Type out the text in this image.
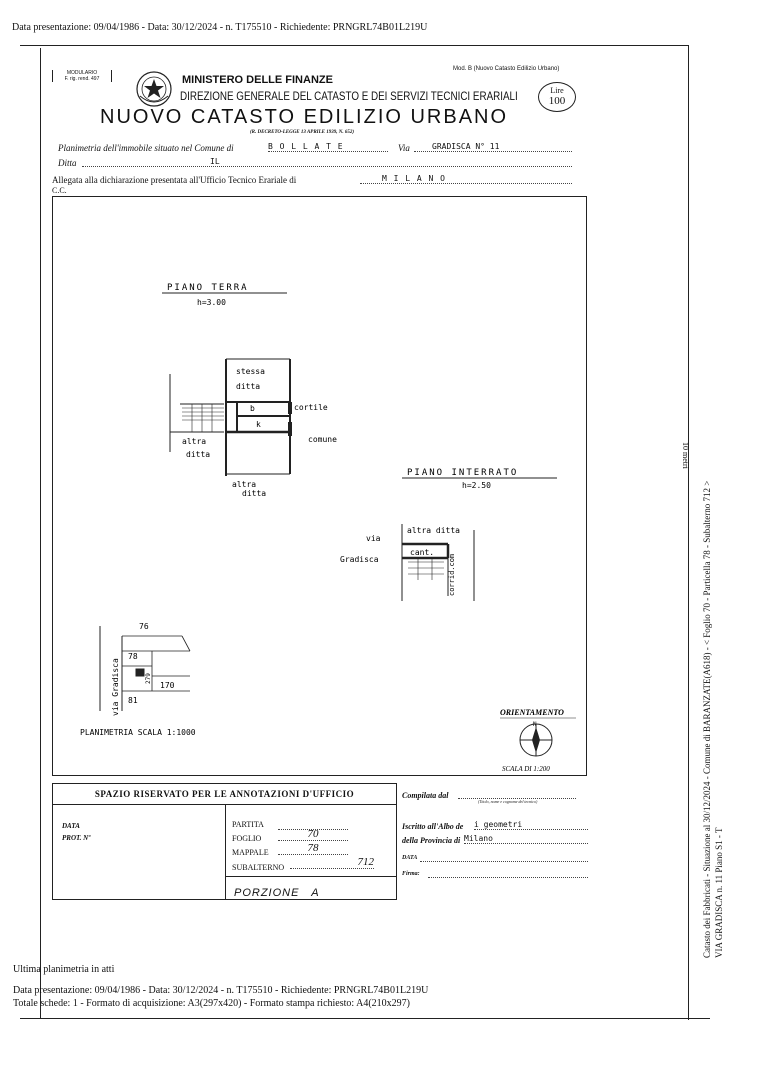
Data presentazione: 09/04/1986 - Data: 30/12/2024 - n. T175510 - Richiedente: PRNGRL74B01L219U
MODULARIO
F. rig. rend. 497	MINISTERO DELLE FINANZE
Mod. B (Nuovo Catasto Edilizio Urbano)
DIREZIONE GENERALE DEL CATASTO E DEI SERVIZI TECNICI ERARIALI	Lire
100
NUOVO CATASTO EDILIZIO URBANO
(R. DECRETO-LEGGE 13 APRILE 1939, N. 652)
Planimetria dell'immobile situato nel Comune di	B O L L A T E	Via	GRADISCA N° 11
Ditta	IL
Allegata alla dichiarazione presentata all'Ufficio Tecnico Erariale di	M I L A N O
C.C.
PIANO TERRA
h=3.00
stessa
ditta
b
k
cortile
comune
altra
ditta
altra
ditta
PIANO INTERRATO
h=2.50
altra ditta
cant.
corrid.com
via
Gradisca
76
78
170
81
279
via Gradisca
PLANIMETRIA SCALA 1:1000
ORIENTAMENTO
N
SCALA DI 1:200
SPAZIO RISERVATO PER LE ANNOTAZIONI D'UFFICIO
DATA
PROT. Nº
PARTITA
FOGLIO	70
MAPPALE	78
SUBALTERNO	712
PORZIONE   A
Compilata dal
(Titolo, nome e cognome del tecnico)
Iscritto all'Albo de i geometri
della Provincia di Milano
DATA
Firma:	Catasto dei Fabbricati - Situazione al 30/12/2024 - Comune di BARANZATE(A618) - < Foglio 70 - Particella 78 - Subalterno 712 > VIA GRADISCA n. 11 Piano S1 - T
10 metri
Ultima planimetria in atti
Data presentazione: 09/04/1986 - Data: 30/12/2024 - n. T175510 - Richiedente: PRNGRL74B01L219U
Totale schede: 1 - Formato di acquisizione: A3(297x420) - Formato stampa richiesto: A4(210x297)
